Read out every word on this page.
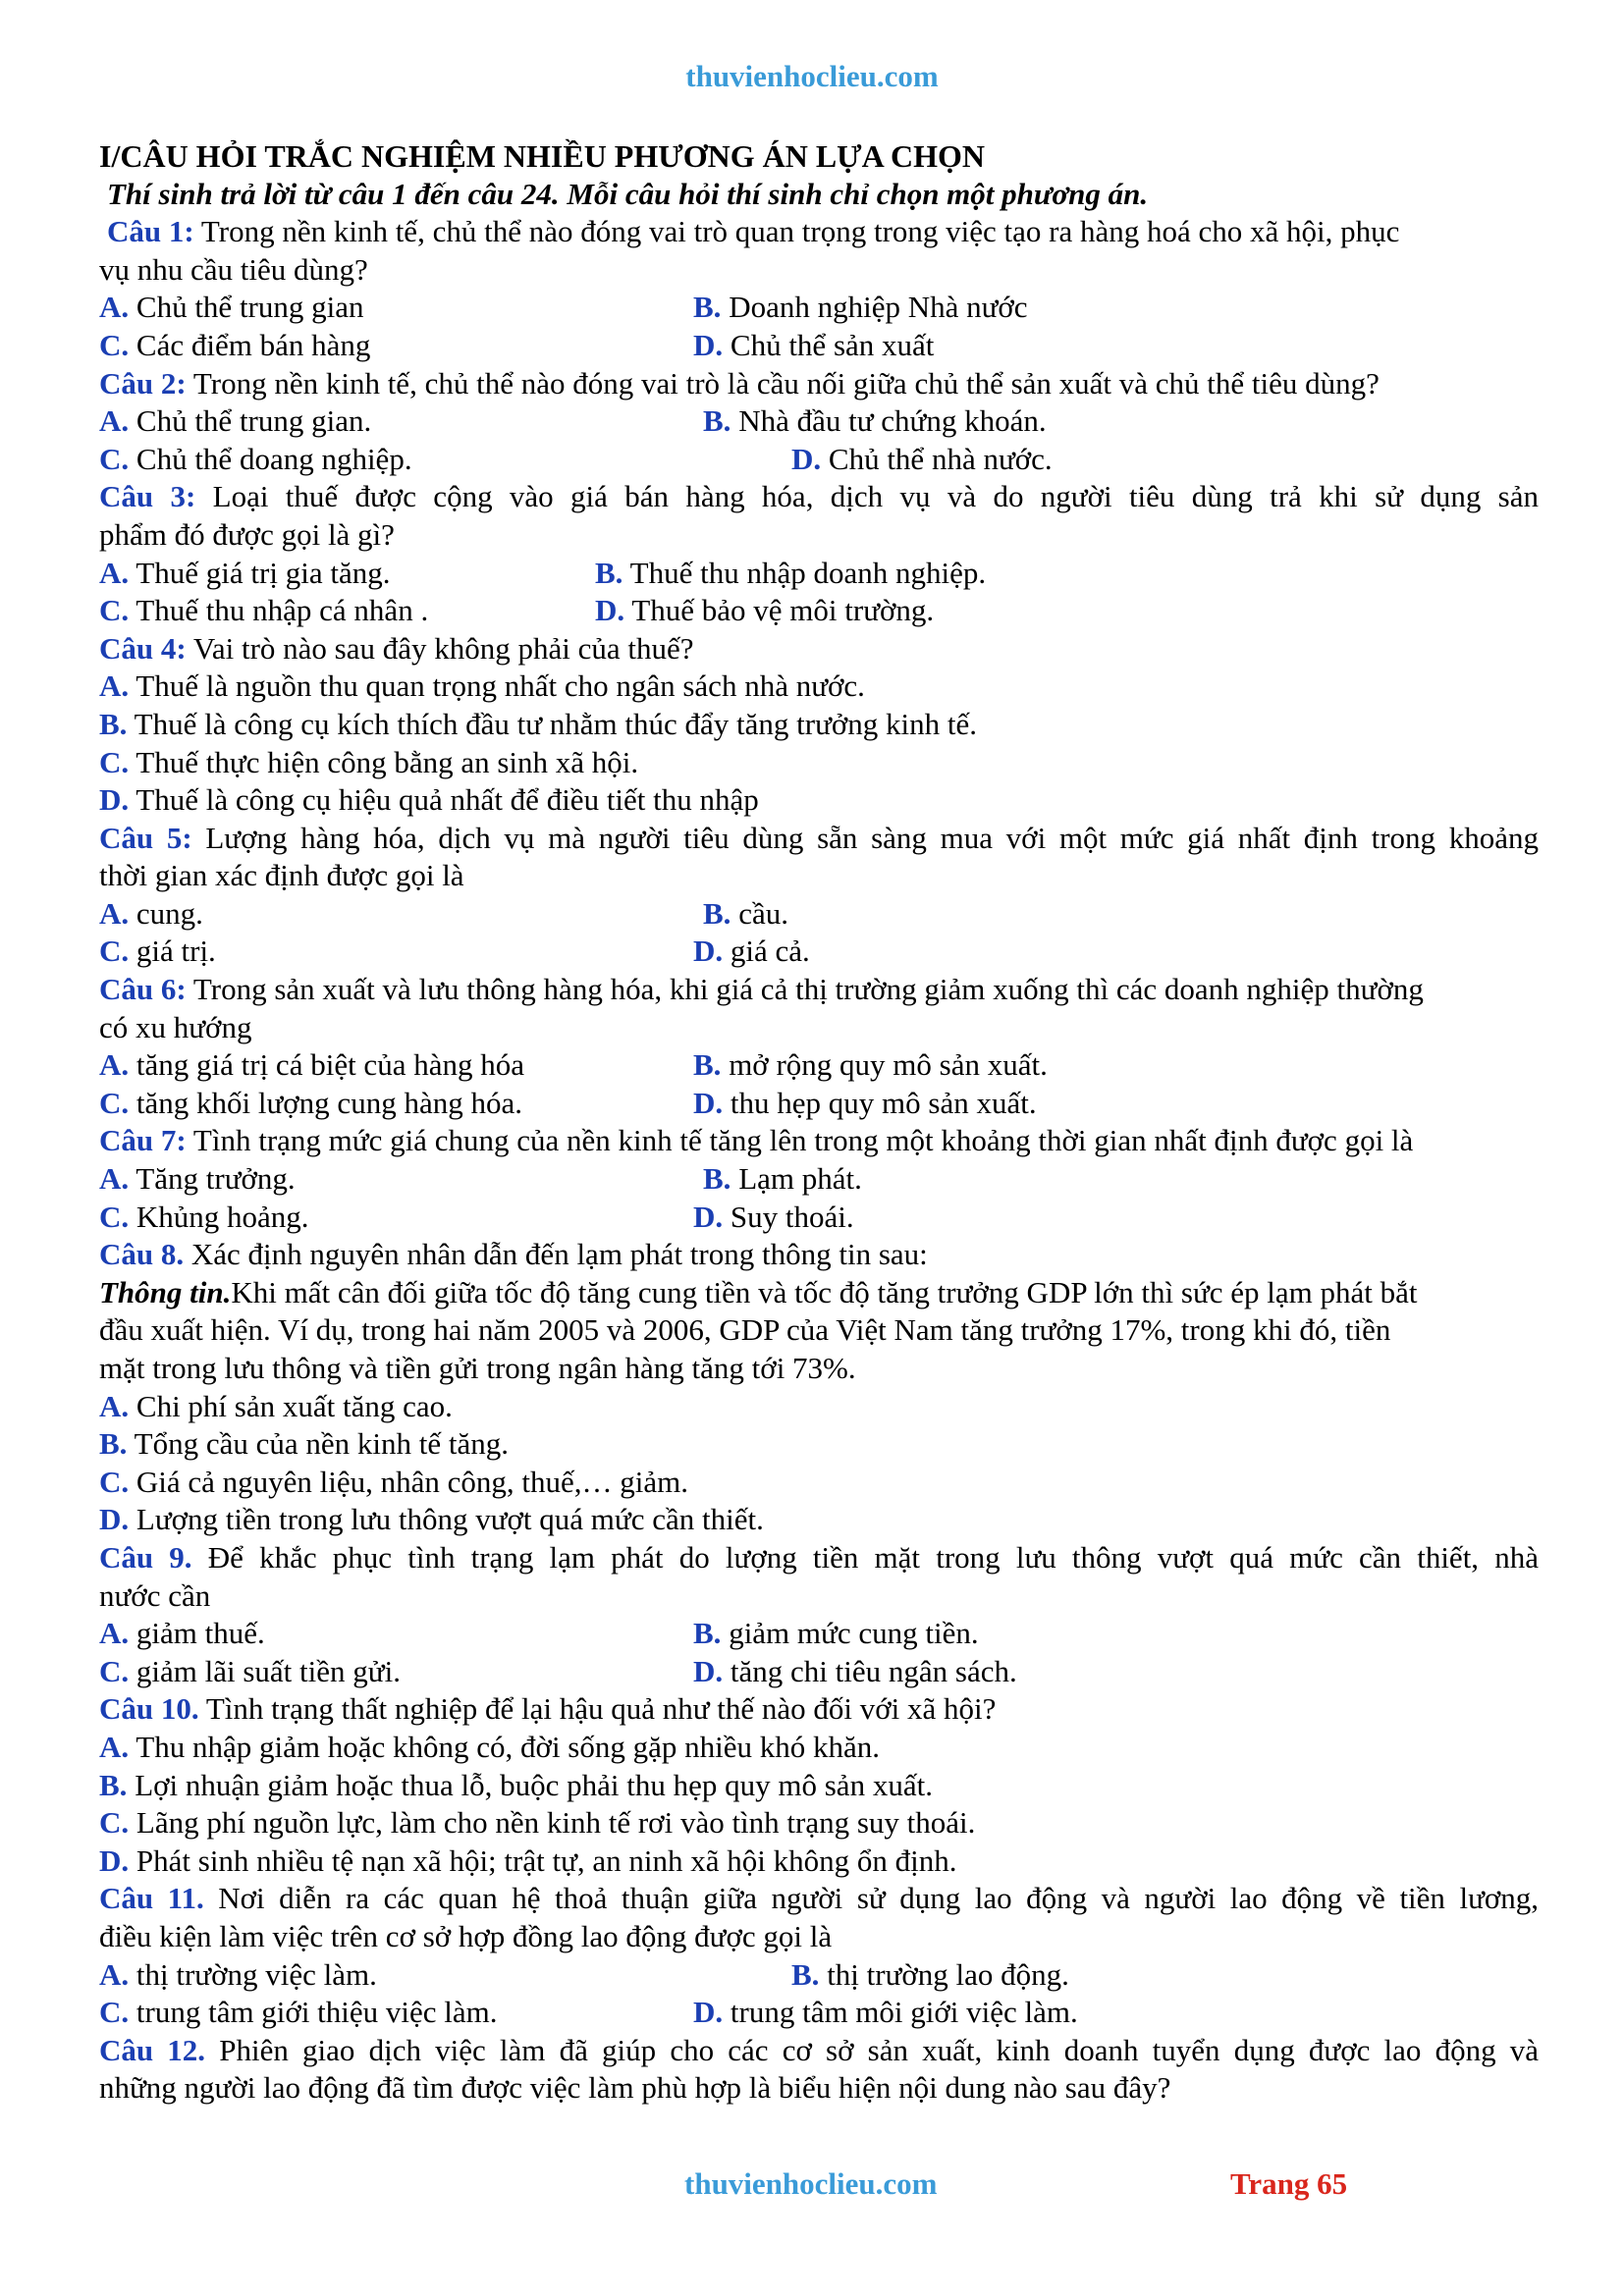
thuvienhoclieu.com
I/CÂU HỎI TRẮC NGHIỆM NHIỀU PHƯƠNG ÁN LỰA CHỌN
Thí sinh trả lời từ câu 1 đến câu 24. Mỗi câu hỏi thí sinh chỉ chọn một phương án.
Câu 1: Trong nền kinh tế, chủ thể nào đóng vai trò quan trọng trong việc tạo ra hàng hoá cho xã hội, phục
vụ nhu cầu tiêu dùng?
A. Chủ thể trung gian	B. Doanh nghiệp Nhà nước
C. Các điểm bán hàng	D. Chủ thể sản xuất
Câu 2: Trong nền kinh tế, chủ thể nào đóng vai trò là cầu nối giữa chủ thể sản xuất và chủ thể tiêu dùng?
A. Chủ thể trung gian.	B. Nhà đầu tư chứng khoán.
C. Chủ thể doang nghiệp.	D. Chủ thể nhà nước.
Câu 3: Loại thuế được cộng vào giá bán hàng hóa, dịch vụ và do người tiêu dùng trả khi sử dụng sản
phẩm đó được gọi là gì?
A. Thuế giá trị gia tăng.	B. Thuế thu nhập doanh nghiệp.
C. Thuế thu nhập cá nhân .	D. Thuế bảo vệ môi trường.
Câu 4: Vai trò nào sau đây không phải của thuế?
A. Thuế là nguồn thu quan trọng nhất cho ngân sách nhà nước.
B. Thuế là công cụ kích thích đầu tư nhằm thúc đẩy tăng trưởng kinh tế.
C. Thuế thực hiện công bằng an sinh xã hội.
D. Thuế là công cụ hiệu quả nhất để điều tiết thu nhập
Câu 5: Lượng hàng hóa, dịch vụ mà người tiêu dùng sẵn sàng mua với một mức giá nhất định trong khoảng
thời gian xác định được gọi là
A. cung.	B. cầu.
C. giá trị.	D. giá cả.
Câu 6: Trong sản xuất và lưu thông hàng hóa, khi giá cả thị trường giảm xuống thì các doanh nghiệp thường
có xu hướng
A. tăng giá trị cá biệt của hàng hóa	B. mở rộng quy mô sản xuất.
C. tăng khối lượng cung hàng hóa.	D. thu hẹp quy mô sản xuất.
Câu 7: Tình trạng mức giá chung của nền kinh tế tăng lên trong một khoảng thời gian nhất định được gọi là
A. Tăng trưởng.	B. Lạm phát.
C. Khủng hoảng.	D. Suy thoái.
Câu 8. Xác định nguyên nhân dẫn đến lạm phát trong thông tin sau:
Thông tin.Khi mất cân đối giữa tốc độ tăng cung tiền và tốc độ tăng trưởng GDP lớn thì sức ép lạm phát bắt
đầu xuất hiện. Ví dụ, trong hai năm 2005 và 2006, GDP của Việt Nam tăng trưởng 17%, trong khi đó, tiền
mặt trong lưu thông và tiền gửi trong ngân hàng tăng tới 73%.
A. Chi phí sản xuất tăng cao.
B. Tổng cầu của nền kinh tế tăng.
C. Giá cả nguyên liệu, nhân công, thuế,… giảm.
D. Lượng tiền trong lưu thông vượt quá mức cần thiết.
Câu 9. Để khắc phục tình trạng lạm phát do lượng tiền mặt trong lưu thông vượt quá mức cần thiết, nhà
nước cần
A. giảm thuế.	B. giảm mức cung tiền.
C. giảm lãi suất tiền gửi.	D. tăng chi tiêu ngân sách.
Câu 10. Tình trạng thất nghiệp để lại hậu quả như thế nào đối với xã hội?
A. Thu nhập giảm hoặc không có, đời sống gặp nhiều khó khăn.
B. Lợi nhuận giảm hoặc thua lỗ, buộc phải thu hẹp quy mô sản xuất.
C. Lãng phí nguồn lực, làm cho nền kinh tế rơi vào tình trạng suy thoái.
D. Phát sinh nhiều tệ nạn xã hội; trật tự, an ninh xã hội không ổn định.
Câu 11. Nơi diễn ra các quan hệ thoả thuận giữa người sử dụng lao động và người lao động về tiền lương,
điều kiện làm việc trên cơ sở hợp đồng lao động được gọi là
A. thị trường việc làm.	B. thị trường lao động.
C. trung tâm giới thiệu việc làm.	D. trung tâm môi giới việc làm.
Câu 12. Phiên giao dịch việc làm đã giúp cho các cơ sở sản xuất, kinh doanh tuyển dụng được lao động và
những người lao động đã tìm được việc làm phù hợp là biểu hiện nội dung nào sau đây?
thuvienhoclieu.com	Trang 65
